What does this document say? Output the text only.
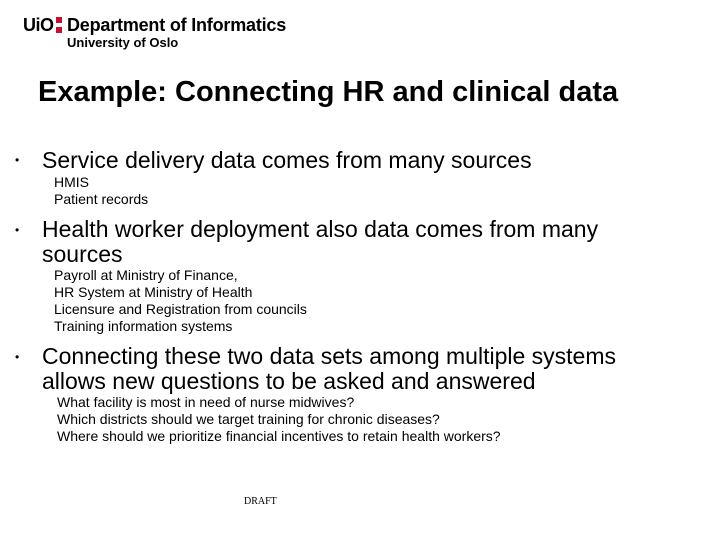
UiO Department of Informatics
University of Oslo
Example: Connecting HR and clinical data
• Service delivery data comes from many sources
HMIS
Patient records
• Health worker deployment also data comes from many
sources
Payroll at Ministry of Finance,
HR System at Ministry of Health
Licensure and Registration from councils
Training information systems
• Connecting these two data sets among multiple systems
allows new questions to be asked and answered
What facility is most in need of nurse midwives?
Which districts should we target training for chronic diseases?
Where should we prioritize financial incentives to retain health workers?
DRAFT
